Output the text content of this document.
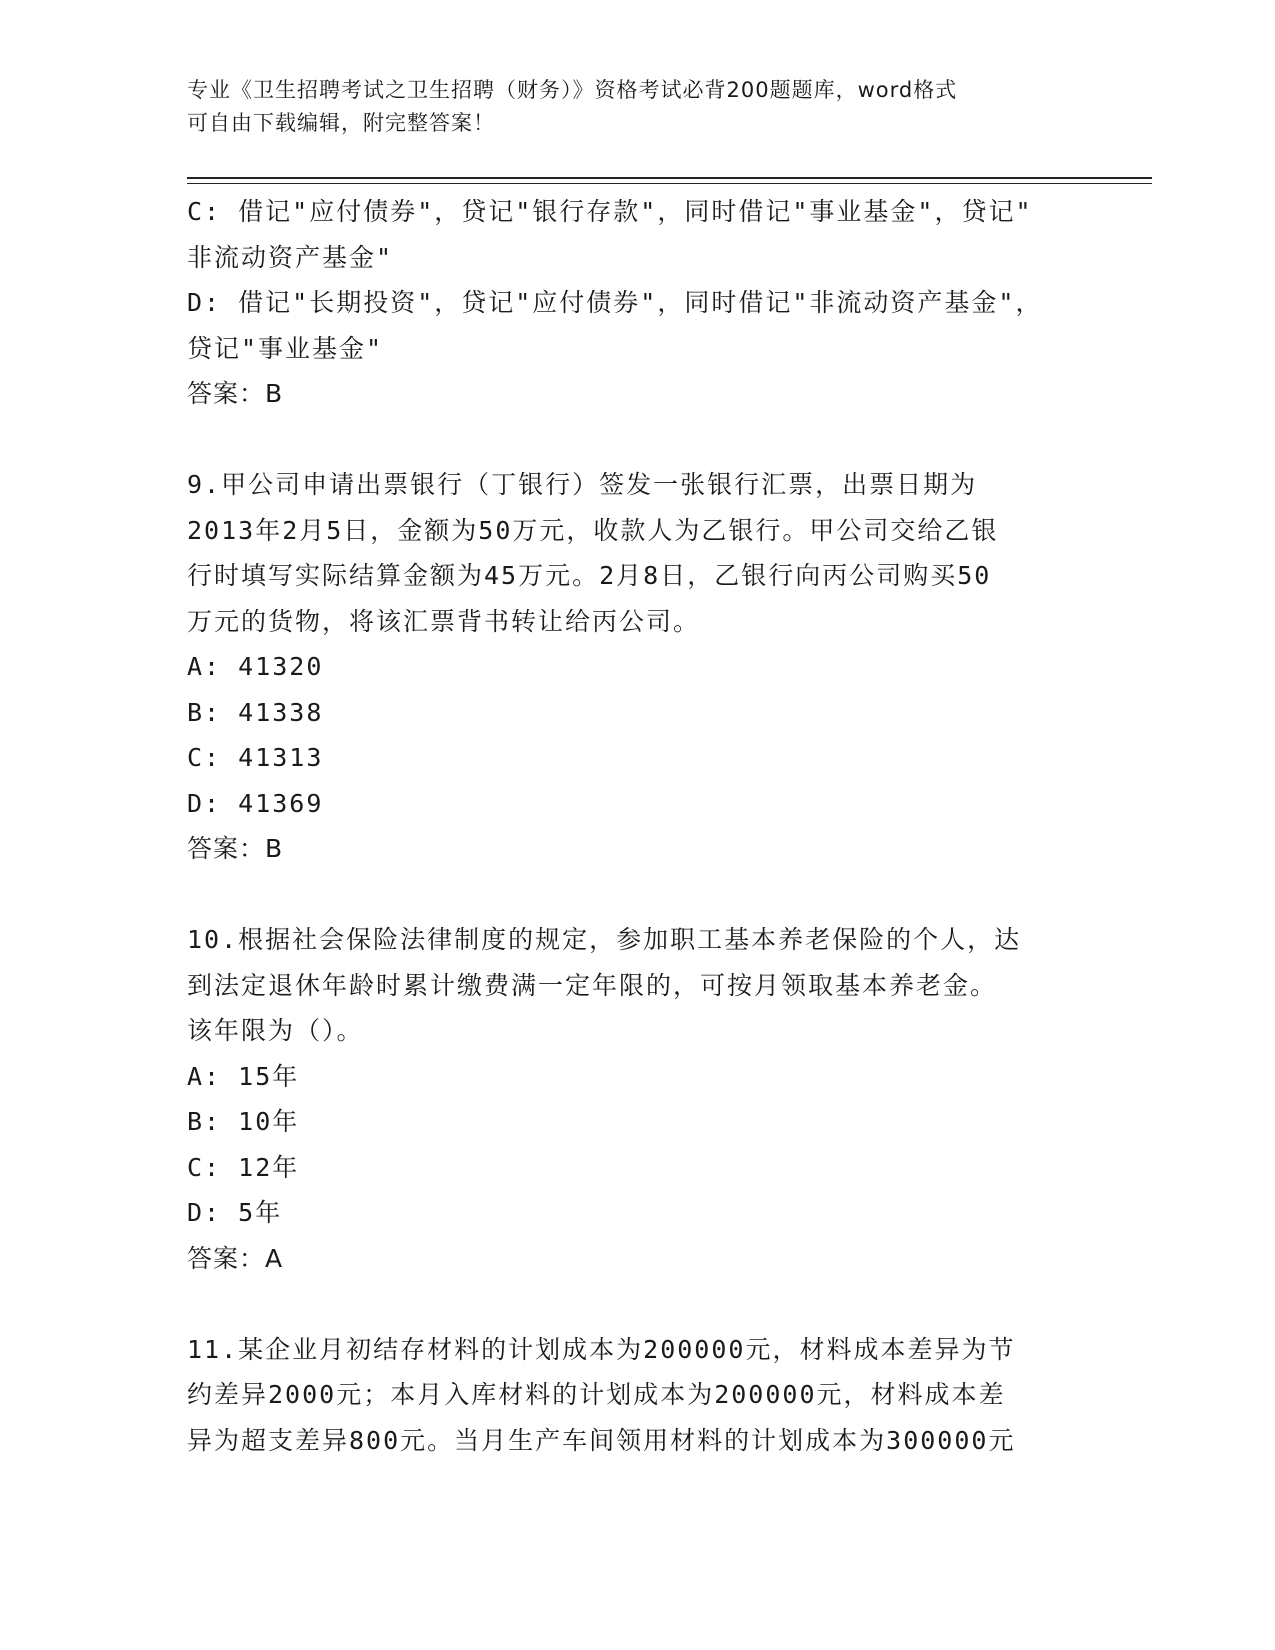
专业《卫生招聘考试之卫生招聘（财务）》资格考试必背200题题库，word格式
可自由下载编辑，附完整答案！
C: 借记"应付债券"，贷记"银行存款"，同时借记"事业基金"，贷记"
非流动资产基金"
D: 借记"长期投资"，贷记"应付债券"，同时借记"非流动资产基金"，
贷记"事业基金"
答案：B
9.甲公司申请出票银行（丁银行）签发一张银行汇票，出票日期为
2013年2月5日，金额为50万元，收款人为乙银行。甲公司交给乙银
行时填写实际结算金额为45万元。2月8日，乙银行向丙公司购买50
万元的货物，将该汇票背书转让给丙公司。
A: 41320
B: 41338
C: 41313
D: 41369
答案：B
10.根据社会保险法律制度的规定，参加职工基本养老保险的个人，达
到法定退休年龄时累计缴费满一定年限的，可按月领取基本养老金。
该年限为（）。
A: 15年
B: 10年
C: 12年
D: 5年
答案：A
11.某企业月初结存材料的计划成本为200000元，材料成本差异为节
约差异2000元；本月入库材料的计划成本为200000元，材料成本差
异为超支差异800元。当月生产车间领用材料的计划成本为300000元
